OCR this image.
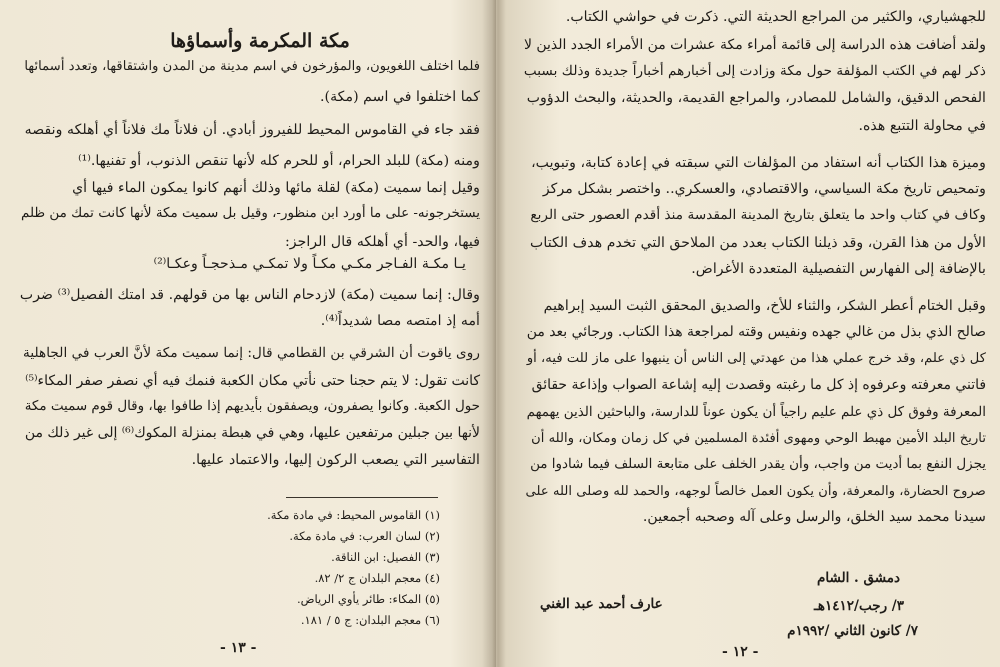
مكة المكرمة وأسماؤها
فلما اختلف اللغويون، والمؤرخون في اسم مدينة من المدن واشتقاقها، وتعدد أسمائها
كما اختلفوا في اسم (مكة).
فقد جاء في القاموس المحيط للفيروز أبادي. أن فلاناً مك فلاناً أي أهلكه ونقصه
ومنه (مكة) للبلد الحرام، أو للحرم كله لأنها تنقص الذنوب، أو تفنيها.⁽¹⁾
وقيل إنما سميت (مكة) لقلة مائها وذلك أنهم كانوا يمكون الماء فيها أي
يستخرجونه- على ما أورد ابن منظور-، وقيل بل سميت مكة لأنها كانت تمك من ظلم
فيها، والحد- أي أهلكه قال الراجز:
يـا مكـة الفـاجر مكـي مكـاً ولا تمكـي مـذحجـاً وعكـا⁽²⁾
وقال: إنما سميت (مكة) لازدحام الناس بها من قولهم. قد امتك الفصيل⁽³⁾ ضرب
أمه إذ امتصه مصا شديداً⁽⁴⁾.
روى ياقوت أن الشرقي بن القطامي قال: إنما سميت مكة لأنَّ العرب في الجاهلية
كانت تقول: لا يتم حجنا حتى نأتي مكان الكعبة فنمك فيه أي نصفر صفر المكاء⁽⁵⁾
حول الكعبة. وكانوا يصفرون، ويصفقون بأيديهم إذا طافوا بها، وقال قوم سميت مكة
لأنها بين جبلين مرتفعين عليها، وهي في هبطة بمنزلة المكوك⁽⁶⁾ إلى غير ذلك من
التفاسير التي يصعب الركون إليها، والاعتماد عليها.
(١) القاموس المحيط: في مادة مكة.
(٢) لسان العرب: في مادة مكة.
(٣) الفصيل: ابن الناقة.
(٤) معجم البلدان ج ٢/ ٨٢.
(٥) المكاء: طائر يأوي الرياض.
(٦) معجم البلدان: ج ٥ / ١٨١.
- ١٣ -
للجهشياري، والكثير من المراجع الحديثة التي. ذكرت في حواشي الكتاب.
ولقد أضافت هذه الدراسة إلى قائمة أمراء مكة عشرات من الأمراء الجدد الذين لا
ذكر لهم في الكتب المؤلفة حول مكة وزادت إلى أخبارهم أخباراً جديدة وذلك بسبب
الفحص الدقيق، والشامل للمصادر، والمراجع القديمة، والحديثة، والبحث الدؤوب
في محاولة التتبع هذه.
وميزة هذا الكتاب أنه استفاد من المؤلفات التي سبقته في إعادة كتابة، وتبويب،
وتمحيص تاريخ مكة السياسي، والاقتصادي، والعسكري.. واختصر بشكل مركز
وكاف في كتاب واحد ما يتعلق بتاريخ المدينة المقدسة منذ أقدم العصور حتى الربع
الأول من هذا القرن، وقد ذيلنا الكتاب بعدد من الملاحق التي تخدم هدف الكتاب
بالإضافة إلى الفهارس التفصيلية المتعددة الأغراض.
وقبل الختام أعطر الشكر، والثناء للأخ، والصديق المحقق الثبت السيد إبراهيم
صالح الذي بذل من غالي جهده ونفيس وقته لمراجعة هذا الكتاب. ورجائي بعد من
كل ذي علم، وقد خرج عملي هذا من عهدتي إلى الناس أن ينبهوا على ماز للت فيه، أو
فاتني معرفته وعرفوه إذ كل ما رغبته وقصدت إليه إشاعة الصواب وإذاعة حقائق
المعرفة وفوق كل ذي علم عليم راجياً أن يكون عوناً للدارسة، والباحثين الذين يهمهم
تاريخ البلد الأمين مهبط الوحي ومهوى أفئدة المسلمين في كل زمان ومكان، والله أن
يجزل النفع بما أديت من واجب، وأن يقدر الخلف على متابعة السلف فيما شادوا من
صروح الحضارة، والمعرفة، وأن يكون العمل خالصاً لوجهه، والحمد لله وصلى الله على
سيدنا محمد سيد الخلق، والرسل وعلى آله وصحبه أجمعين.
دمشق . الشام
عارف أحمد عبد الغني	٣/ رجب/١٤١٢هـ
٧/ كانون الثاني /١٩٩٢م
- ١٢ -
